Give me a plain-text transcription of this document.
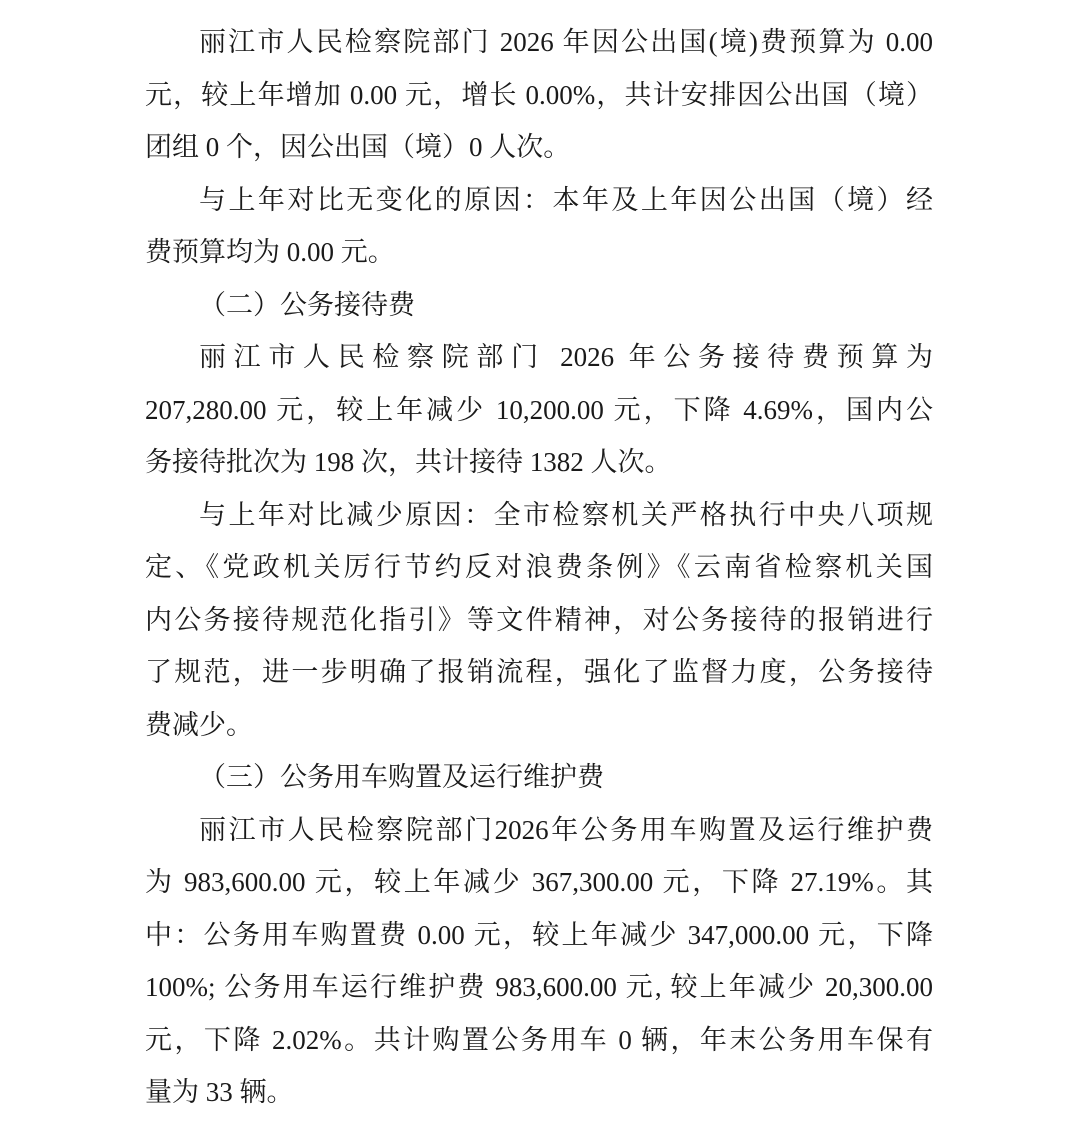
丽江市人民检察院部门 2026 年因公出国(境)费预算为 0.00
元，较上年增加 0.00 元，增长 0.00%，共计安排因公出国（境）
团组 0 个，因公出国（境）0 人次。
与上年对比无变化的原因：本年及上年因公出国（境）经
费预算均为 0.00 元。
（二）公务接待费
丽江市人民检察院部门 2026 年公务接待费预算为
207,280.00 元，较上年减少 10,200.00 元，下降 4.69%，国内公
务接待批次为 198 次，共计接待 1382 人次。
与上年对比减少原因：全市检察机关严格执行中央八项规
定、《党政机关厉行节约反对浪费条例》《云南省检察机关国
内公务接待规范化指引》等文件精神，对公务接待的报销进行
了规范，进一步明确了报销流程，强化了监督力度，公务接待
费减少。
（三）公务用车购置及运行维护费
丽江市人民检察院部门2026年公务用车购置及运行维护费
为 983,600.00 元，较上年减少 367,300.00 元，下降 27.19%。其
中：公务用车购置费 0.00 元，较上年减少 347,000.00 元，下降
100%; 公务用车运行维护费 983,600.00 元, 较上年减少 20,300.00
元，下降 2.02%。共计购置公务用车 0 辆，年末公务用车保有
量为 33 辆。
